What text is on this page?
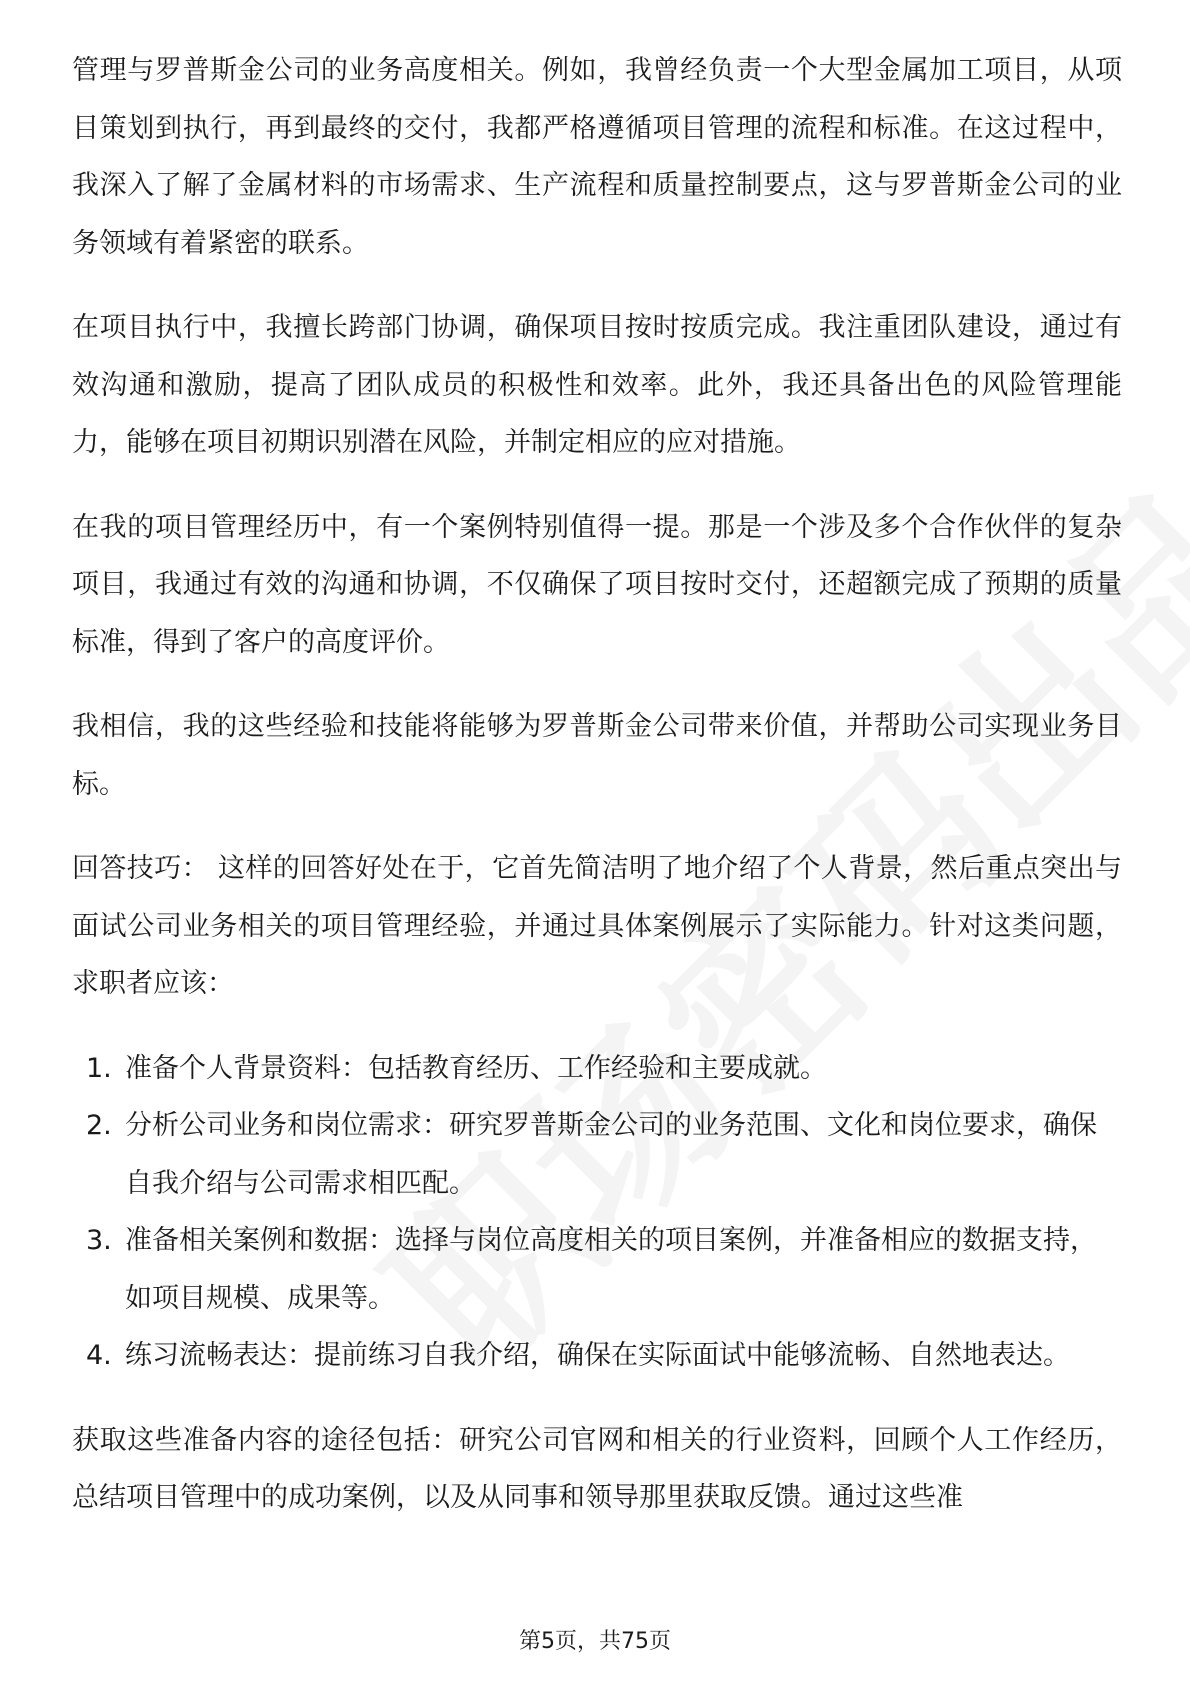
管理与罗普斯金公司的业务高度相关。例如，我曾经负责一个大型金属加工项目，从项目策划到执行，再到最终的交付，我都严格遵循项目管理的流程和标准。在这过程中，我深入了解了金属材料的市场需求、生产流程和质量控制要点，这与罗普斯金公司的业务领域有着紧密的联系。

在项目执行中，我擅长跨部门协调，确保项目按时按质完成。我注重团队建设，通过有效沟通和激励，提高了团队成员的积极性和效率。此外，我还具备出色的风险管理能力，能够在项目初期识别潜在风险，并制定相应的应对措施。

在我的项目管理经历中，有一个案例特别值得一提。那是一个涉及多个合作伙伴的复杂项目，我通过有效的沟通和协调，不仅确保了项目按时交付，还超额完成了预期的质量标准，得到了客户的高度评价。

我相信，我的这些经验和技能将能够为罗普斯金公司带来价值，并帮助公司实现业务目标。

回答技巧： 这样的回答好处在于，它首先简洁明了地介绍了个人背景，然后重点突出与面试公司业务相关的项目管理经验，并通过具体案例展示了实际能力。针对这类问题，求职者应该：

1. 准备个人背景资料：包括教育经历、工作经验和主要成就。
2. 分析公司业务和岗位需求：研究罗普斯金公司的业务范围、文化和岗位要求，确保自我介绍与公司需求相匹配。
3. 准备相关案例和数据：选择与岗位高度相关的项目案例，并准备相应的数据支持，如项目规模、成果等。
4. 练习流畅表达：提前练习自我介绍，确保在实际面试中能够流畅、自然地表达。

获取这些准备内容的途径包括：研究公司官网和相关的行业资料，回顾个人工作经历，总结项目管理中的成功案例，以及从同事和领导那里获取反馈。通过这些准

第5页，共75页
